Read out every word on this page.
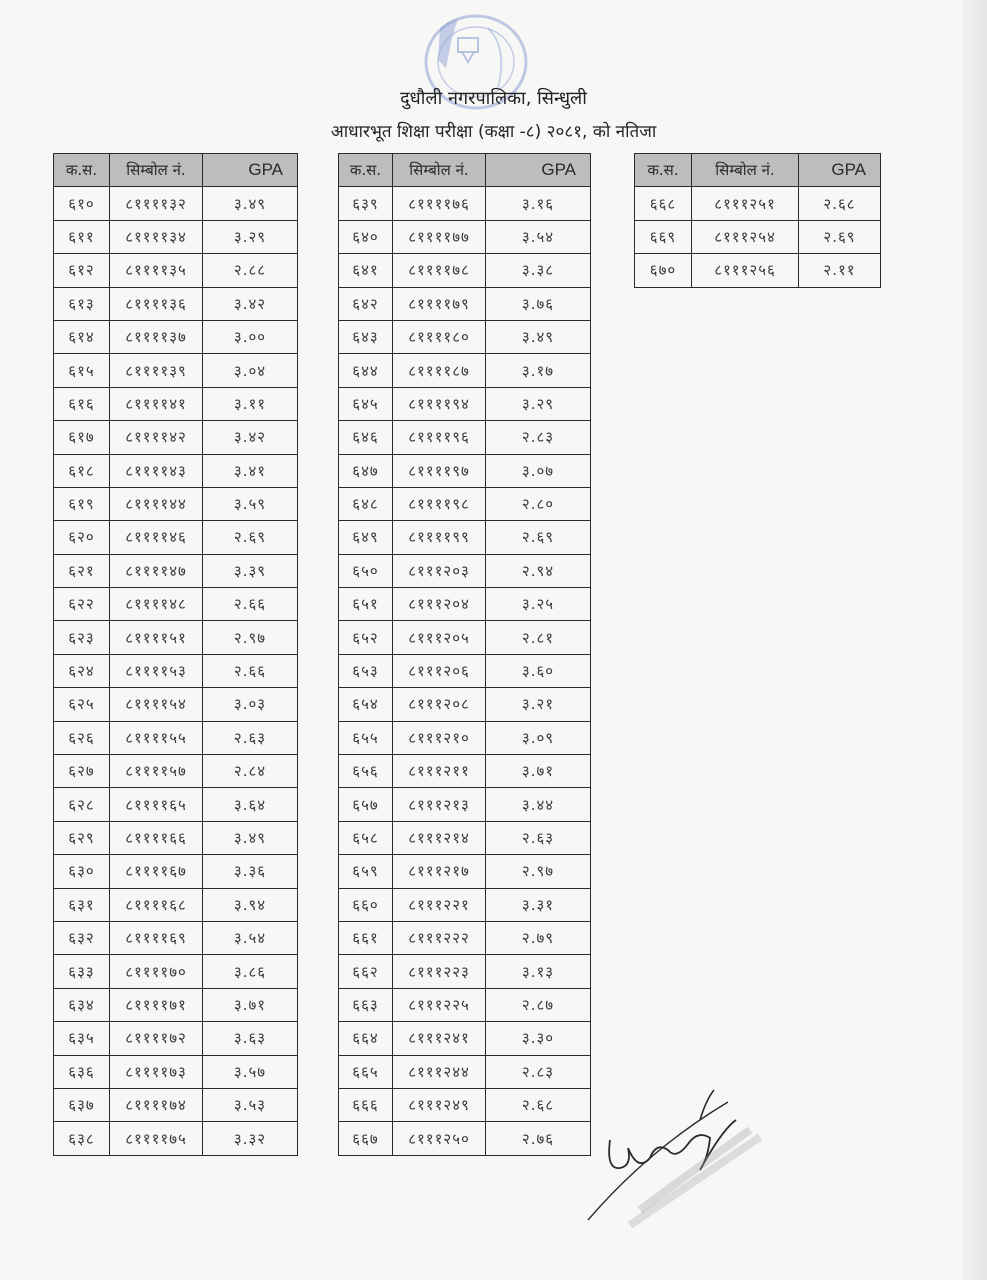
दुधौली नगरपालिका, सिन्धुली
आधारभूत शिक्षा परीक्षा (कक्षा -८) २०८१, को नतिजा
क.स.	सिम्बोल नं.	GPA
६१०	८११११३२	३.४९
६११	८११११३४	३.२९
६१२	८११११३५	२.८८
६१३	८११११३६	३.४२
६१४	८११११३७	३.००
६१५	८११११३९	३.०४
६१६	८११११४१	३.११
६१७	८११११४२	३.४२
६१८	८११११४३	३.४१
६१९	८११११४४	३.५९
६२०	८११११४६	२.६९
६२१	८११११४७	३.३९
६२२	८११११४८	२.६६
६२३	८११११५१	२.९७
६२४	८११११५३	२.६६
६२५	८११११५४	३.०३
६२६	८११११५५	२.६३
६२७	८११११५७	२.८४
६२८	८११११६५	३.६४
६२९	८११११६६	३.४९
६३०	८११११६७	३.३६
६३१	८११११६८	३.९४
६३२	८११११६९	३.५४
६३३	८११११७०	३.८६
६३४	८११११७१	३.७१
६३५	८११११७२	३.६३
६३६	८११११७३	३.५७
६३७	८११११७४	३.५३
६३८	८११११७५	३.३२
क.स.	सिम्बोल नं.	GPA
६३९	८११११७६	३.१६
६४०	८११११७७	३.५४
६४१	८११११७८	३.३८
६४२	८११११७९	३.७६
६४३	८११११८०	३.४९
६४४	८११११८७	३.१७
६४५	८११११९४	३.२९
६४६	८११११९६	२.८३
६४७	८११११९७	३.०७
६४८	८११११९८	२.८०
६४९	८११११९९	२.६९
६५०	८१११२०३	२.९४
६५१	८१११२०४	३.२५
६५२	८१११२०५	२.८१
६५३	८१११२०६	३.६०
६५४	८१११२०८	३.२१
६५५	८१११२१०	३.०९
६५६	८१११२११	३.७१
६५७	८१११२१३	३.४४
६५८	८१११२१४	२.६३
६५९	८१११२१७	२.९७
६६०	८१११२२१	३.३१
६६१	८१११२२२	२.७९
६६२	८१११२२३	३.१३
६६३	८१११२२५	२.८७
६६४	८१११२४१	३.३०
६६५	८१११२४४	२.८३
६६६	८१११२४९	२.६८
६६७	८१११२५०	२.७६
क.स.	सिम्बोल नं.	GPA
६६८	८१११२५१	२.६८
६६९	८१११२५४	२.६९
६७०	८१११२५६	२.११
